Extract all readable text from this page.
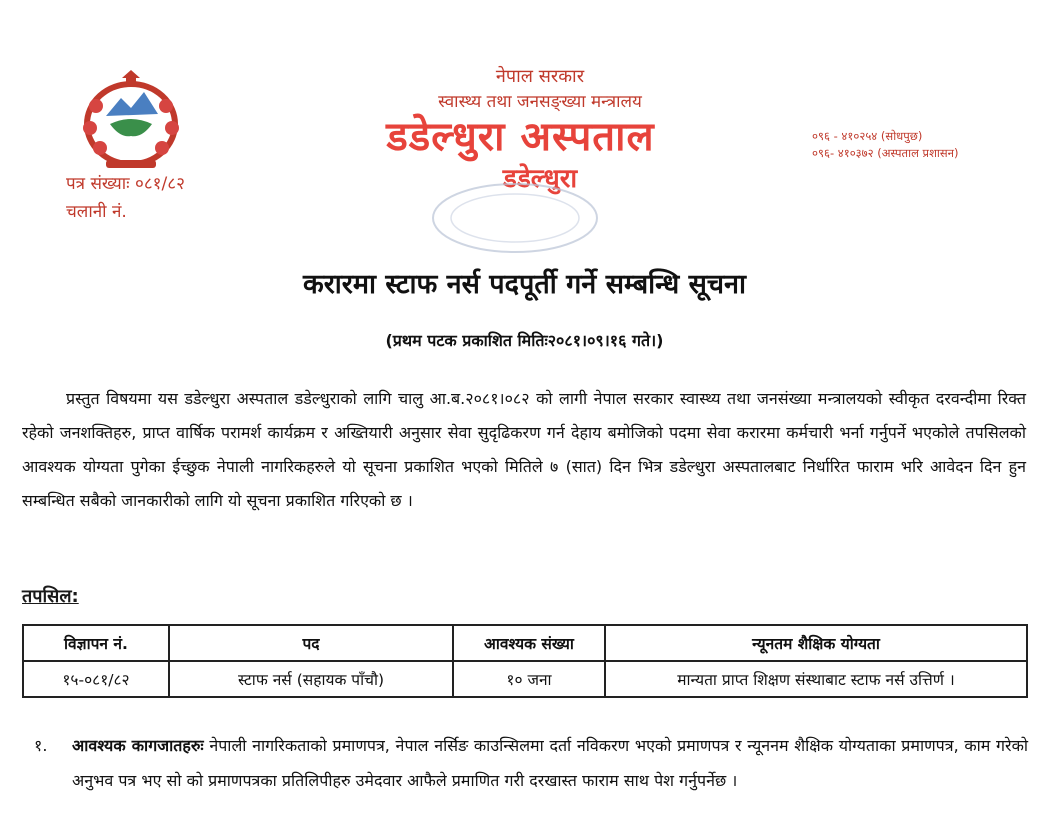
पत्र संख्याः ०८१/८२
चलानी नं.
नेपाल सरकार
स्वास्थ्य तथा जनसङ्ख्या मन्त्रालय
डडेल्धुरा अस्पताल
डडेल्धुरा
०९६ - ४१०२५४ (सोधपुछ)
०९६- ४१०३७२ (अस्पताल प्रशासन)
करारमा स्टाफ नर्स पदपूर्ती गर्ने सम्बन्धि सूचना
(प्रथम पटक प्रकाशित मितिः२०८१।०९।१६ गते।)
प्रस्तुत विषयमा यस डडेल्धुरा अस्पताल डडेल्धुराको लागि चालु आ.ब.२०८१।०८२ को लागी नेपाल सरकार स्वास्थ्य तथा जनसंख्या मन्त्रालयको स्वीकृत दरवन्दीमा रिक्त रहेको जनशक्तिहरु, प्राप्त वार्षिक परामर्श कार्यक्रम र अख्तियारी अनुसार सेवा सुदृढिकरण गर्न देहाय बमोजिको पदमा सेवा करारमा कर्मचारी भर्ना गर्नुपर्ने भएकोले तपसिलको आवश्यक योग्यता पुगेका ईच्छुक नेपाली नागरिकहरुले यो सूचना प्रकाशित भएको मितिले ७ (सात) दिन भित्र डडेल्धुरा अस्पतालबाट निर्धारित फाराम भरि आवेदन दिन हुन सम्बन्धित सबैको जानकारीको लागि यो सूचना प्रकाशित गरिएको छ ।
तपसिल:
विज्ञापन नं.	पद	आवश्यक संख्या	न्यूनतम शैक्षिक योग्यता
१५-०८१/८२	स्टाफ नर्स (सहायक पाँचौ)	१० जना	मान्यता प्राप्त शिक्षण संस्थाबाट स्टाफ नर्स उत्तिर्ण ।
१. आवश्यक कागजातहरुः नेपाली नागरिकताको प्रमाणपत्र, नेपाल नर्सिङ काउन्सिलमा दर्ता नविकरण भएको प्रमाणपत्र र न्यूननम शैक्षिक योग्यताका प्रमाणपत्र, काम गरेको अनुभव पत्र भए सो को प्रमाणपत्रका प्रतिलिपीहरु उमेदवार आफैले प्रमाणित गरी दरखास्त फाराम साथ पेश गर्नुपर्नेछ ।
